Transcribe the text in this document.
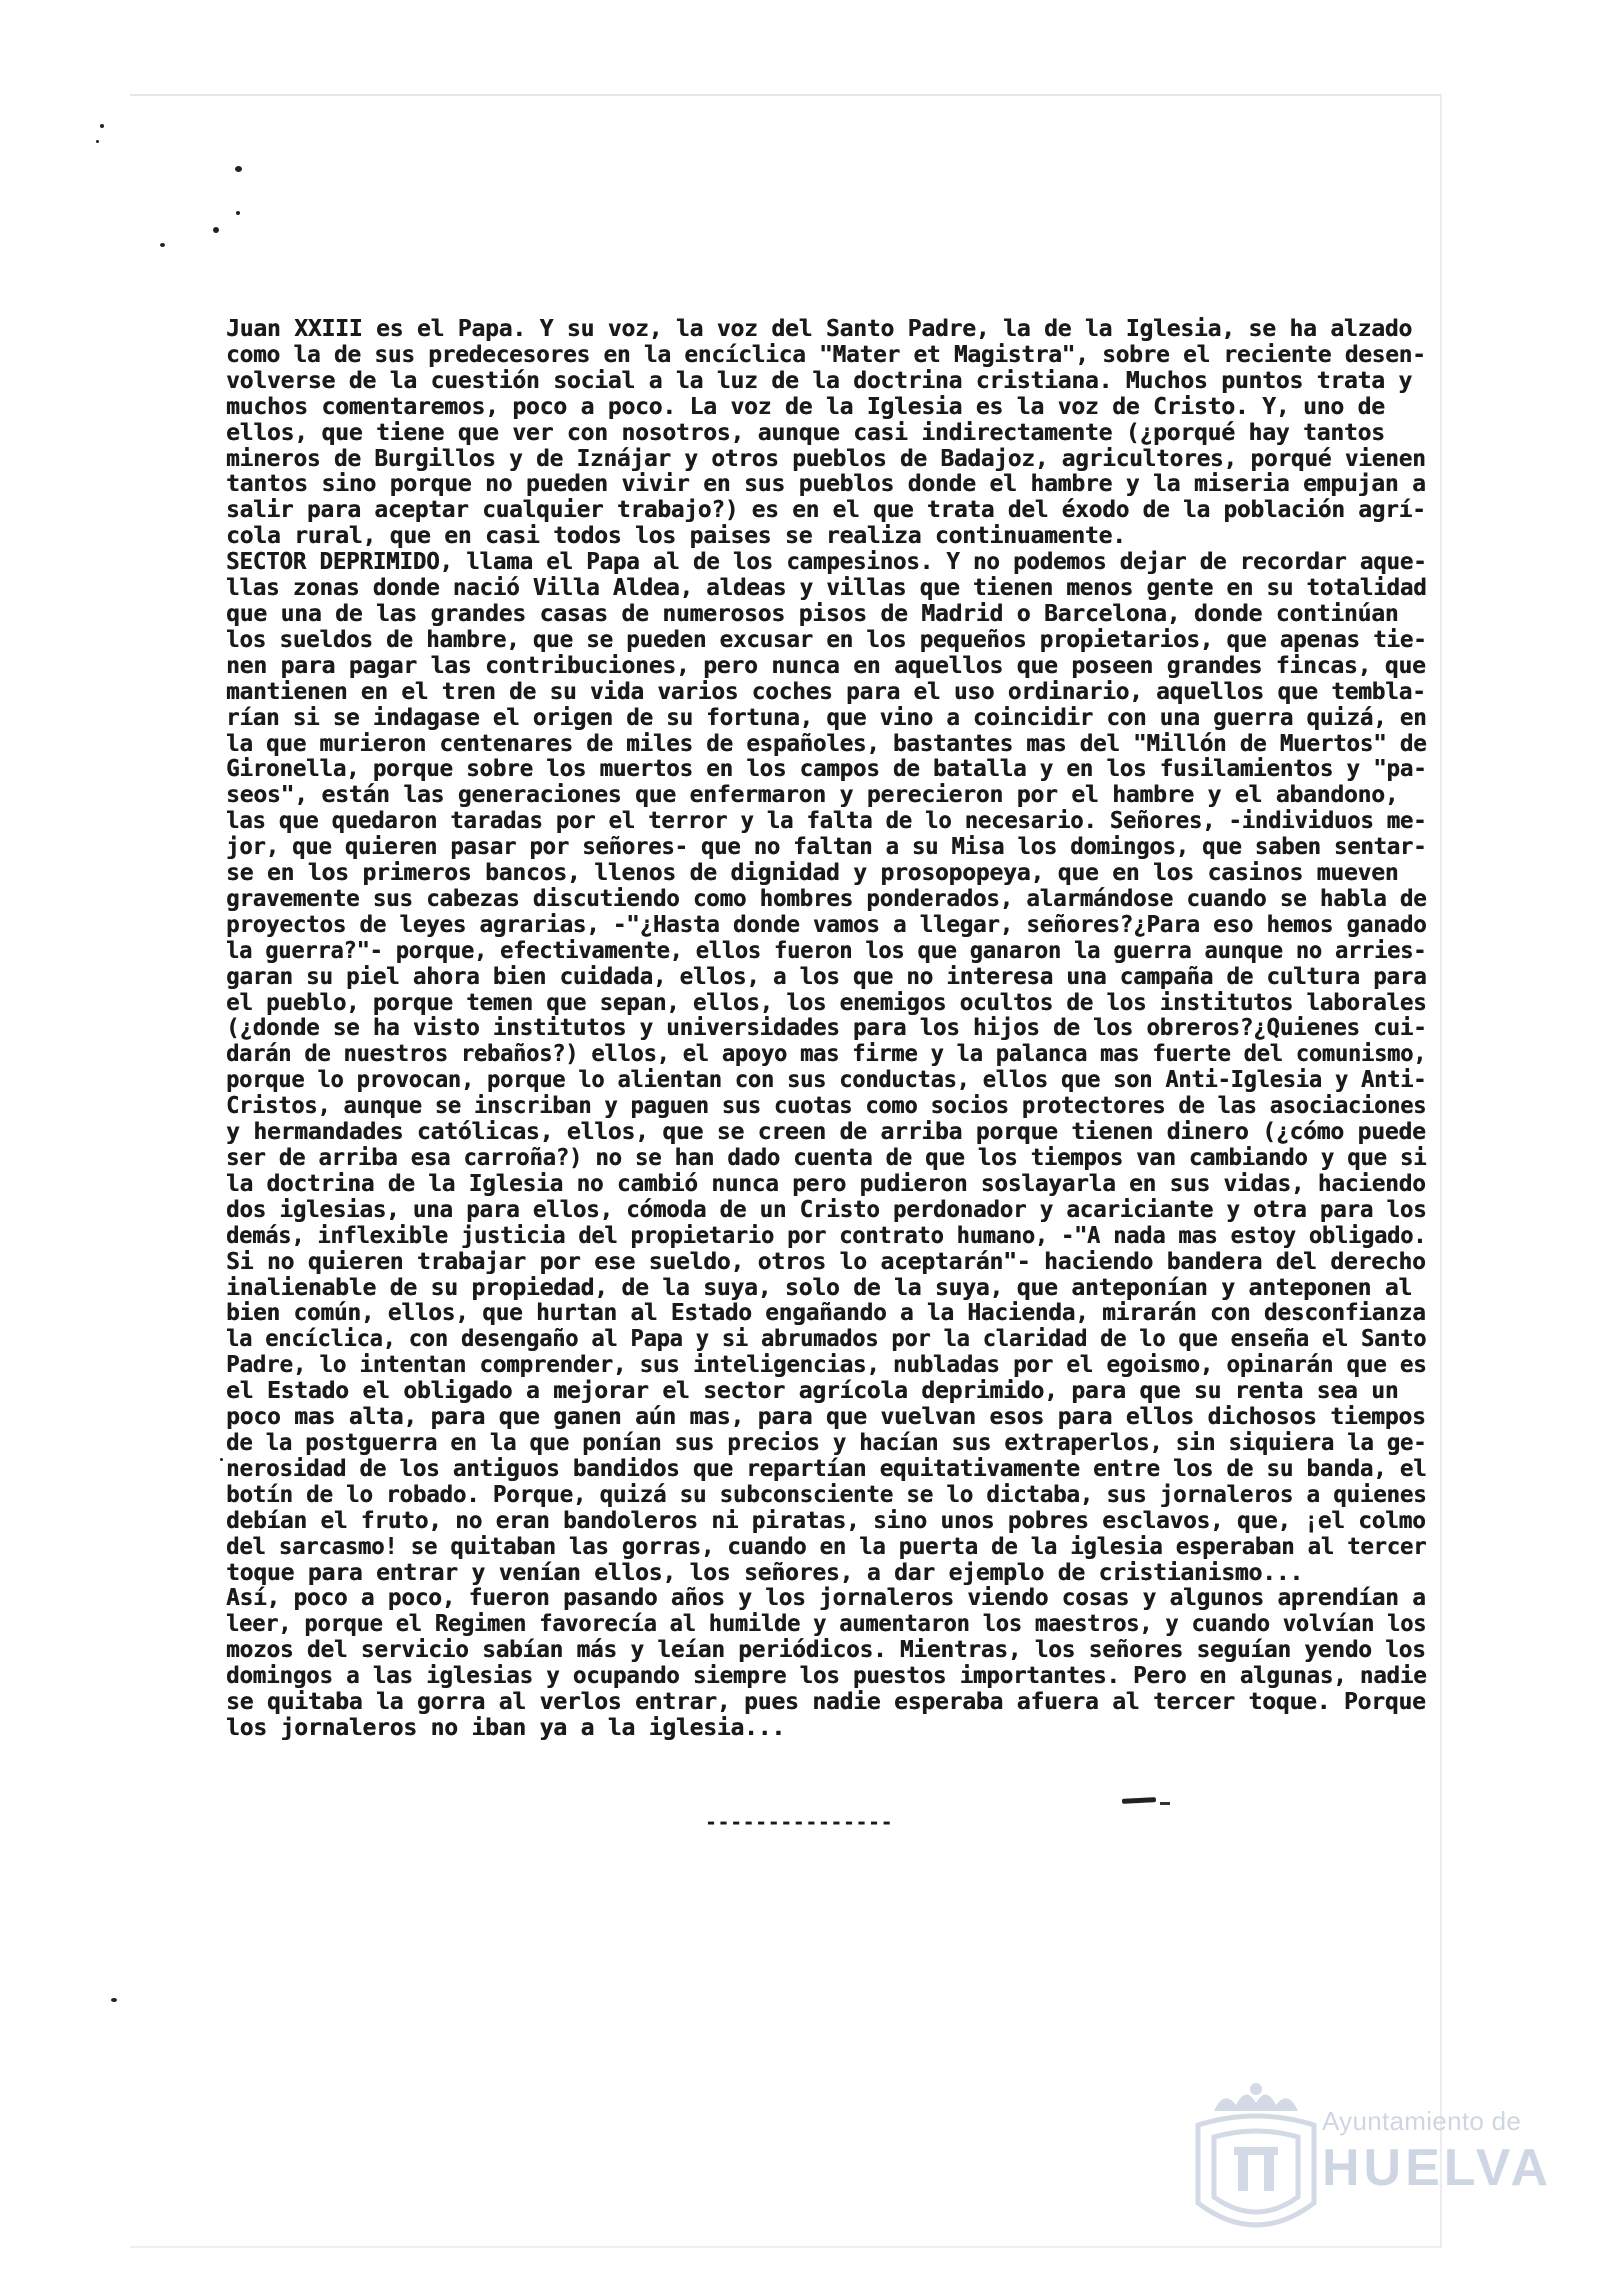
Juan XXIII es el Papa. Y su voz, la voz del Santo Padre, la de la Iglesia, se ha alzado
como la de sus predecesores en la encíclica "Mater et Magistra", sobre el reciente desen-
volverse de la cuestión social a la luz de la doctrina cristiana. Muchos puntos trata y
muchos comentaremos, poco a poco. La voz de la Iglesia es la voz de Cristo. Y, uno de
ellos, que tiene que ver con nosotros, aunque casi indirectamente (¿porqué hay tantos
mineros de Burgillos y de Iznájar y otros pueblos de Badajoz, agricultores, porqué vienen
tantos sino porque no pueden vivir en sus pueblos donde el hambre y la miseria empujan a
salir para aceptar cualquier trabajo?) es en el que trata del éxodo de la población agrí-
cola rural, que en casi todos los paises se realiza continuamente.
SECTOR DEPRIMIDO, llama el Papa al de los campesinos. Y no podemos dejar de recordar aque-
llas zonas donde nació Villa Aldea, aldeas y villas que tienen menos gente en su totalidad
que una de las grandes casas de numerosos pisos de Madrid o Barcelona, donde continúan
los sueldos de hambre, que se pueden excusar en los pequeños propietarios, que apenas tie-
nen para pagar las contribuciones, pero nunca en aquellos que poseen grandes fincas, que
mantienen en el tren de su vida varios coches para el uso ordinario, aquellos que tembla-
rían si se indagase el origen de su fortuna, que vino a coincidir con una guerra quizá, en
la que murieron centenares de miles de españoles, bastantes mas del "Millón de Muertos" de
Gironella, porque sobre los muertos en los campos de batalla y en los fusilamientos y "pa-
seos", están las generaciones que enfermaron y perecieron por el hambre y el abandono,
las que quedaron taradas por el terror y la falta de lo necesario. Señores, -individuos me-
jor, que quieren pasar por señores- que no faltan a su Misa los domingos, que saben sentar-
se en los primeros bancos, llenos de dignidad y prosopopeya, que en los casinos mueven
gravemente sus cabezas discutiendo como hombres ponderados, alarmándose cuando se habla de
proyectos de leyes agrarias, -"¿Hasta donde vamos a llegar, señores?¿Para eso hemos ganado
la guerra?"- porque, efectivamente, ellos fueron los que ganaron la guerra aunque no arries-
garan su piel ahora bien cuidada, ellos, a los que no interesa una campaña de cultura para
el pueblo, porque temen que sepan, ellos, los enemigos ocultos de los institutos laborales
(¿donde se ha visto institutos y universidades para los hijos de los obreros?¿Quienes cui-
darán de nuestros rebaños?) ellos, el apoyo mas firme y la palanca mas fuerte del comunismo,
porque lo provocan, porque lo alientan con sus conductas, ellos que son Anti-Iglesia y Anti-
Cristos, aunque se inscriban y paguen sus cuotas como socios protectores de las asociaciones
y hermandades católicas, ellos, que se creen de arriba porque tienen dinero (¿cómo puede
ser de arriba esa carroña?) no se han dado cuenta de que los tiempos van cambiando y que si
la doctrina de la Iglesia no cambió nunca pero pudieron soslayarla en sus vidas, haciendo
dos iglesias, una para ellos, cómoda de un Cristo perdonador y acariciante y otra para los
demás, inflexible justicia del propietario por contrato humano, -"A nada mas estoy obligado.
Si no quieren trabajar por ese sueldo, otros lo aceptarán"- haciendo bandera del derecho
inalienable de su propiedad, de la suya, solo de la suya, que anteponían y anteponen al
bien común, ellos, que hurtan al Estado engañando a la Hacienda, mirarán con desconfianza
la encíclica, con desengaño al Papa y si abrumados por la claridad de lo que enseña el Santo
Padre, lo intentan comprender, sus inteligencias, nubladas por el egoismo, opinarán que es
el Estado el obligado a mejorar el sector agrícola deprimido, para que su renta sea un
poco mas alta, para que ganen aún mas, para que vuelvan esos para ellos dichosos tiempos
de la postguerra en la que ponían sus precios y hacían sus extraperlos, sin siquiera la ge-
nerosidad de los antiguos bandidos que repartían equitativamente entre los de su banda, el
botín de lo robado. Porque, quizá su subconsciente se lo dictaba, sus jornaleros a quienes
debían el fruto, no eran bandoleros ni piratas, sino unos pobres esclavos, que, ¡el colmo
del sarcasmo! se quitaban las gorras, cuando en la puerta de la iglesia esperaban al tercer
toque para entrar y venían ellos, los señores, a dar ejemplo de cristianismo...
Así, poco a poco, fueron pasando años y los jornaleros viendo cosas y algunos aprendían a
leer, porque el Regimen favorecía al humilde y aumentaron los maestros, y cuando volvían los
mozos del servicio sabían más y leían periódicos. Mientras, los señores seguían yendo los
domingos a las iglesias y ocupando siempre los puestos importantes. Pero en algunas, nadie
se quitaba la gorra al verlos entrar, pues nadie esperaba afuera al tercer toque. Porque
los jornaleros no iban ya a la iglesia...
---------------
Ayuntamiento de
HUELVA
